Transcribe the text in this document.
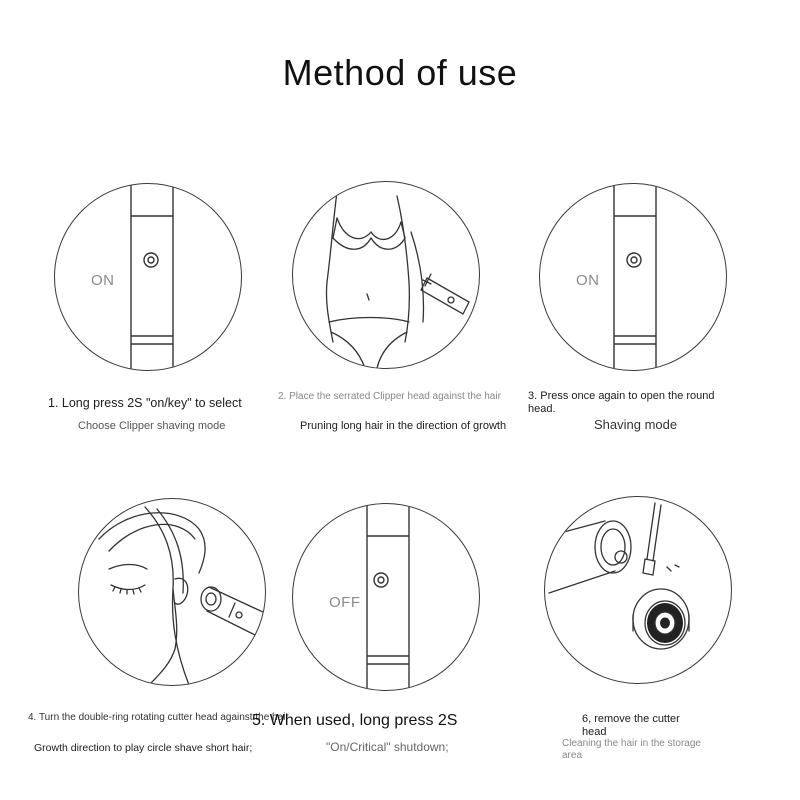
Method of use
ON
1. Long press 2S "on/key" to select
Choose Clipper shaving mode
2. Place the serrated Clipper head against the hair
Pruning long hair in the direction of growth
ON
3. Press once again to open the round head.
Shaving mode
4. Turn the double-ring rotating cutter head against the hair
Growth direction to play circle shave short hair;
OFF
5. When used, long press 2S
"On/Critical" shutdown;
6, remove the cutter head
Cleaning the hair in the storage area
